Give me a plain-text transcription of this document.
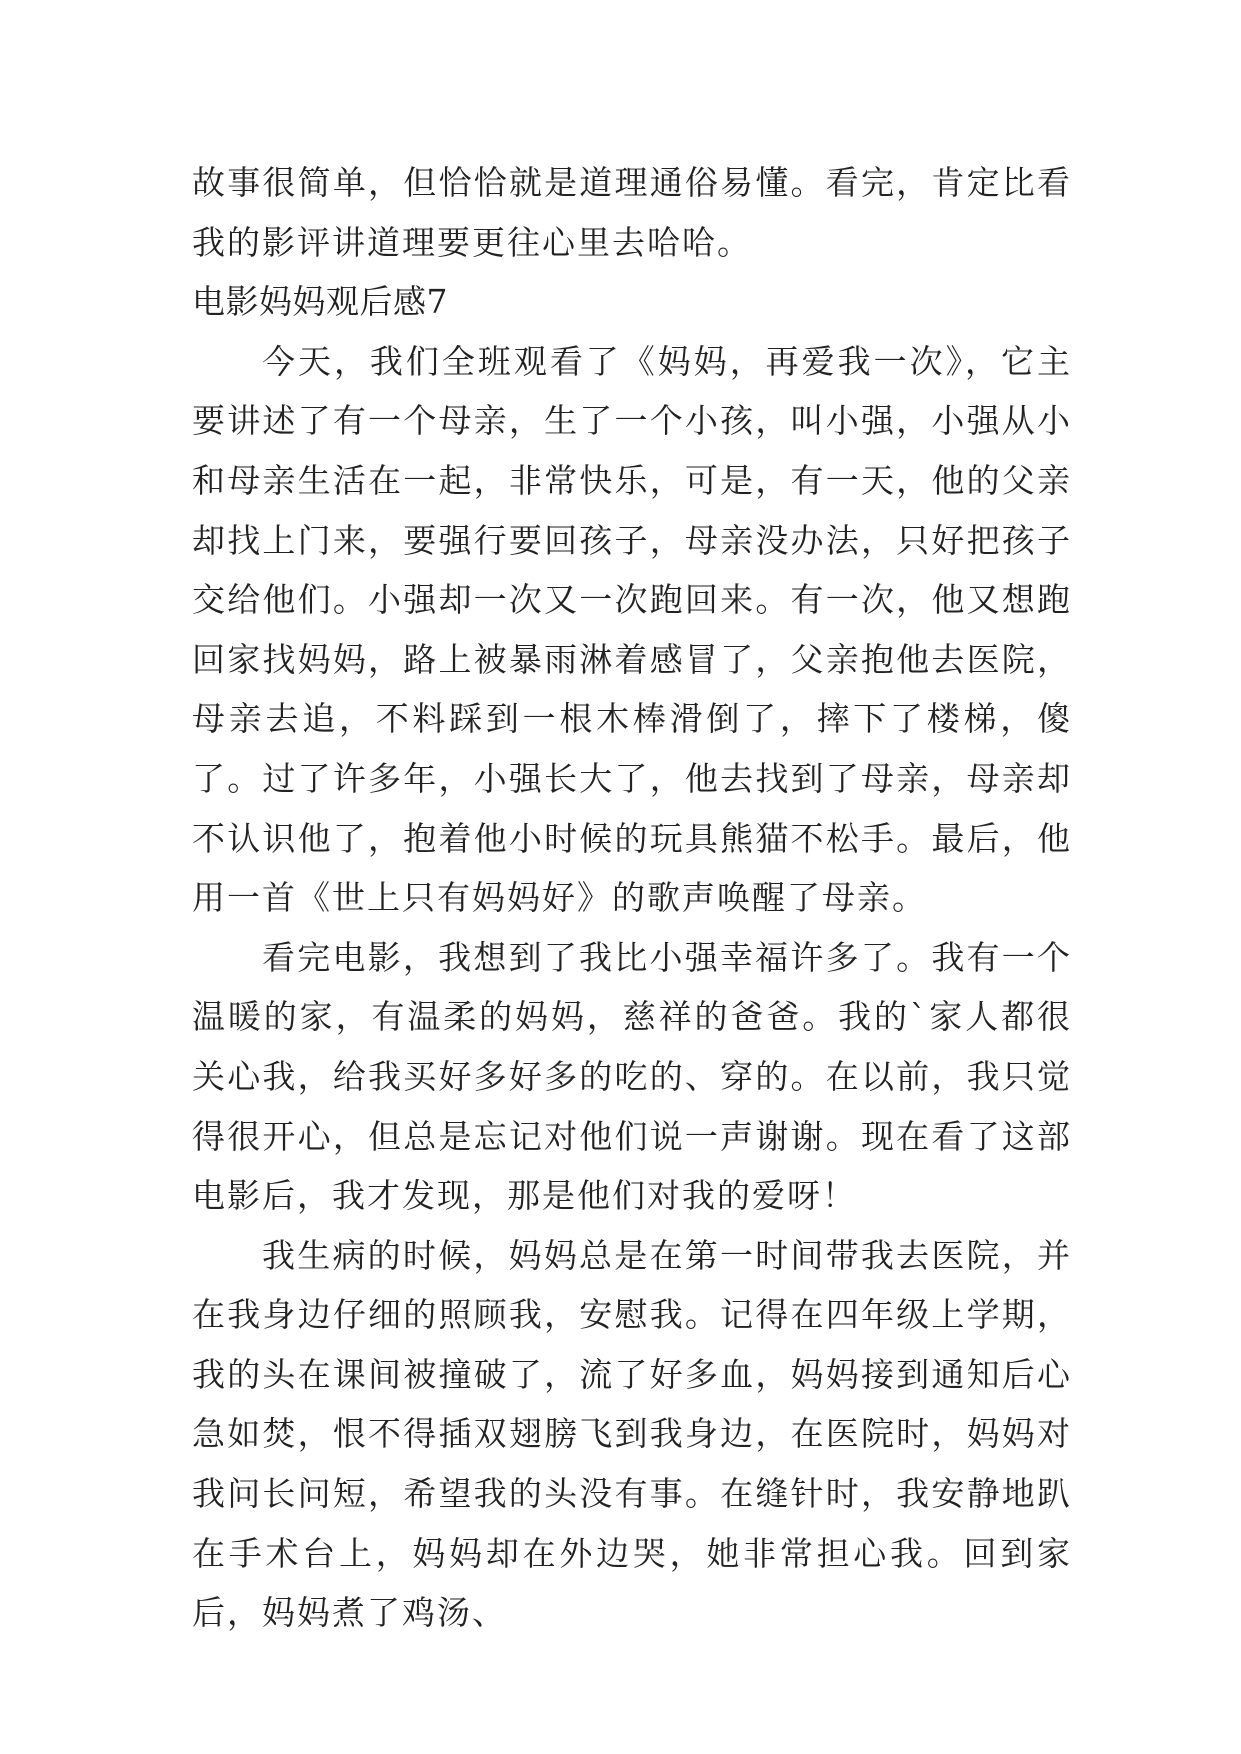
故事很简单，但恰恰就是道理通俗易懂。看完，肯定比看我的影评讲道理要更往心里去哈哈。

电影妈妈观后感7

今天，我们全班观看了《妈妈，再爱我一次》，它主要讲述了有一个母亲，生了一个小孩，叫小强，小强从小和母亲生活在一起，非常快乐，可是，有一天，他的父亲却找上门来，要强行要回孩子，母亲没办法，只好把孩子交给他们。小强却一次又一次跑回来。有一次，他又想跑回家找妈妈，路上被暴雨淋着感冒了，父亲抱他去医院，母亲去追，不料踩到一根木棒滑倒了，摔下了楼梯，傻了。过了许多年，小强长大了，他去找到了母亲，母亲却不认识他了，抱着他小时候的玩具熊猫不松手。最后，他用一首《世上只有妈妈好》的歌声唤醒了母亲。

看完电影，我想到了我比小强幸福许多了。我有一个温暖的家，有温柔的妈妈，慈祥的爸爸。我的`家人都很关心我，给我买好多好多的吃的、穿的。在以前，我只觉得很开心，但总是忘记对他们说一声谢谢。现在看了这部电影后，我才发现，那是他们对我的爱呀！

我生病的时候，妈妈总是在第一时间带我去医院，并在我身边仔细的照顾我，安慰我。记得在四年级上学期，我的头在课间被撞破了，流了好多血，妈妈接到通知后心急如焚，恨不得插双翅膀飞到我身边，在医院时，妈妈对我问长问短，希望我的头没有事。在缝针时，我安静地趴在手术台上，妈妈却在外边哭，她非常担心我。回到家后，妈妈煮了鸡汤、
